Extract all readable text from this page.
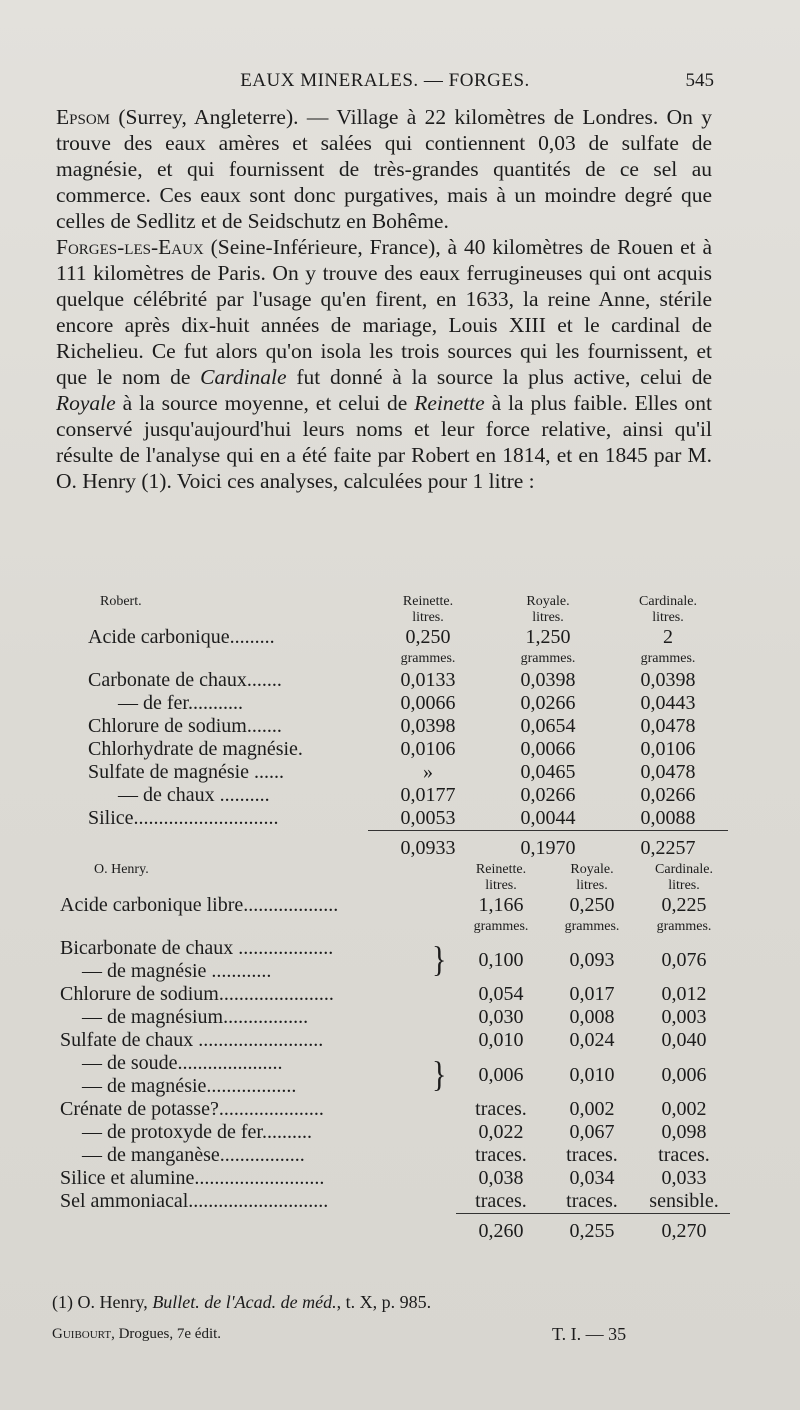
EAUX MINERALES. — FORGES.	545

Epsom (Surrey, Angleterre). — Village à 22 kilomètres de Londres. On y trouve des eaux amères et salées qui contiennent 0,03 de sulfate de magnésie, et qui fournissent de très-grandes quantités de ce sel au commerce. Ces eaux sont donc purgatives, mais à un moindre degré que celles de Sedlitz et de Seidschutz en Bohême.

Forges-les-Eaux (Seine-Inférieure, France), à 40 kilomètres de Rouen et à 111 kilomètres de Paris. On y trouve des eaux ferrugineuses qui ont acquis quelque célébrité par l'usage qu'en firent, en 1633, la reine Anne, stérile encore après dix-huit années de mariage, Louis XIII et le cardinal de Richelieu. Ce fut alors qu'on isola les trois sources qui les fournissent, et que le nom de Cardinale fut donné à la source la plus active, celui de Royale à la source moyenne, et celui de Reinette à la plus faible. Elles ont conservé jusqu'aujourd'hui leurs noms et leur force relative, ainsi qu'il résulte de l'analyse qui en a été faite par Robert en 1814, et en 1845 par M. O. Henry (1). Voici ces analyses, calculées pour 1 litre :

Robert.	Reinette.	Royale.	Cardinale.
	litres.	litres.	litres.
Acide carbonique.........	0,250	1,250	2
	grammes.	grammes.	grammes.
Carbonate de chaux.......	0,0133	0,0398	0,0398
— de fer...........	0,0066	0,0266	0,0443
Chlorure de sodium.......	0,0398	0,0654	0,0478
Chlorhydrate de magnésie.	0,0106	0,0066	0,0106
Sulfate de magnésie ......	»	0,0465	0,0478
— de chaux ..........	0,0177	0,0266	0,0266
Silice.............................	0,0053	0,0044	0,0088
	0,0933	0,1970	0,2257
O. Henry.		Reinette.	Royale.	Cardinale.
		litres.	litres.	litres.
Acide carbonique libre...................		1,166	0,250	0,225
		grammes.	grammes.	grammes.

Bicarbonate de chaux ...................
— de magnésie ............	}	0,100	0,093	0,076
Chlorure de sodium.......................		0,054	0,017	0,012
— de magnésium.................		0,030	0,008	0,003
Sulfate de chaux .........................		0,010	0,024	0,040

— de soude.....................
— de magnésie..................	}	0,006	0,010	0,006
Crénate de potasse?.....................		traces.	0,002	0,002
— de protoxyde de fer..........		0,022	0,067	0,098
— de manganèse.................		traces.	traces.	traces.
Silice et alumine..........................		0,038	0,034	0,033
Sel ammoniacal............................		traces.	traces.	sensible.
		0,260	0,255	0,270
(1) O. Henry, Bullet. de l'Acad. de méd., t. X, p. 985.
Guibourt, Drogues, 7e édit.	T. I. — 35
